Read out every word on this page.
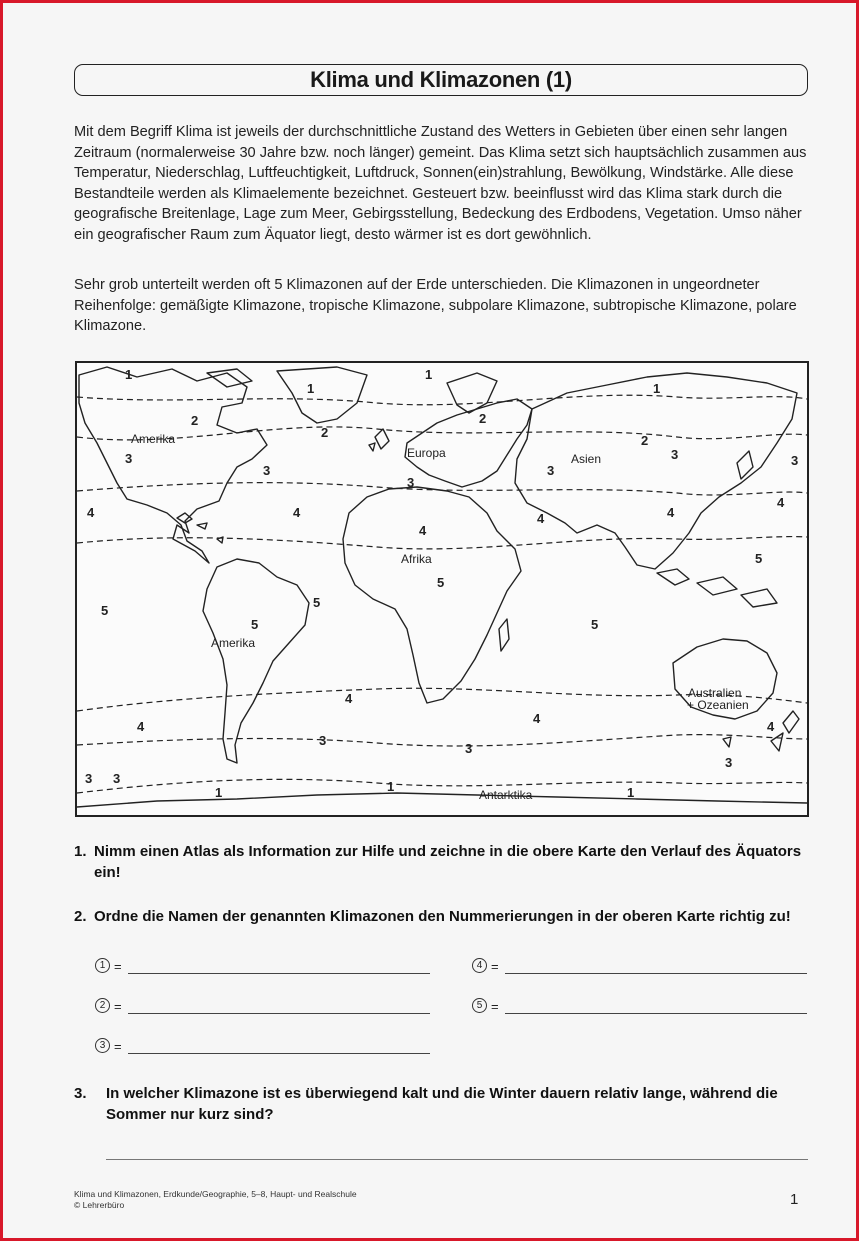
Klima und Klimazonen (1)

Mit dem Begriff Klima ist jeweils der durchschnittliche Zustand des Wetters in Gebieten über einen sehr langen Zeitraum (normalerweise 30 Jahre bzw. noch länger) gemeint. Das Klima setzt sich hauptsächlich zusammen aus Temperatur, Niederschlag, Luftfeuchtigkeit, Luftdruck, Sonnen(ein)strahlung, Bewölkung, Windstärke. Alle diese Bestandteile werden als Klimaelemente bezeichnet. Gesteuert bzw. beeinflusst wird das Klima stark durch die geografische Breitenlage, Lage zum Meer, Gebirgsstellung, Bedeckung des Erdbodens, Vegetation. Umso näher ein geografischer Raum zum Äquator liegt, desto wärmer ist es dort gewöhnlich.

Sehr grob unterteilt werden oft 5 Klimazonen auf der Erde unterschieden. Die Klimazonen in ungeordneter Reihenfolge: gemäßigte Klimazone, tropische Klimazone, subpolare Klimazone, subtropische Klimazone, polare Klimazone.

Amerika
Europa	Asien
Afrika
Amerika
Australien
+ Ozeanien
Antarktika
1
1
1
1
2
2
2
2
3
3
3
3
3	3
4	4
4
4	4
4
5
5
5
5
5
5
4
4
4
4
3
3
3
3
1	1	1
3
1. Nimm einen Atlas als Information zur Hilfe und zeichne in die obere Karte den Verlauf des Äquators ein!
2. Ordne die Namen der genannten Klimazonen den Nummerierungen in der oberen Karte richtig zu!
1 =
2 =
3 =
4 =
5 =
3.	In welcher Klimazone ist es überwiegend kalt und die Winter dauern relativ lange, während die Sommer nur kurz sind?
Klima und Klimazonen, Erdkunde/Geographie, 5–8, Haupt- und Realschule
© Lehrerbüro	1
